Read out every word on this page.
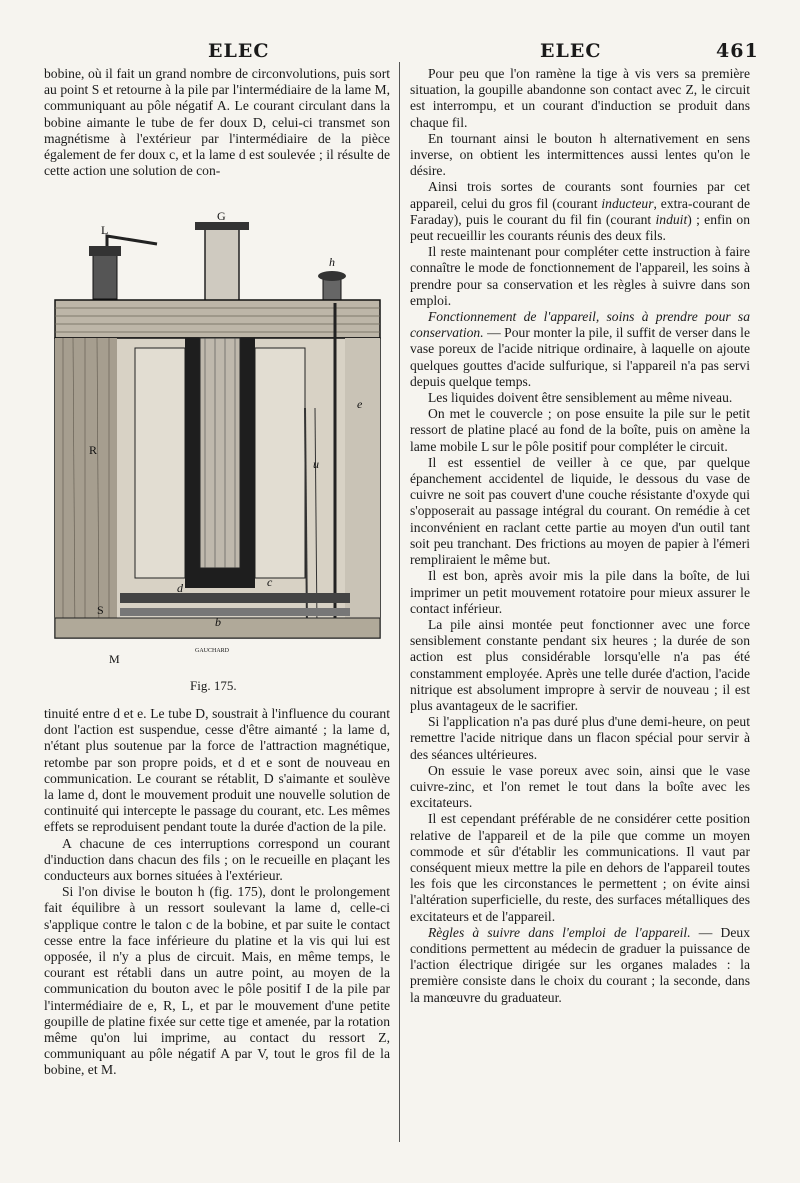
ELEC	ELEC	461

bobine, où il fait un grand nombre de circonvolutions, puis sort au point S et retourne à la pile par l'intermédiaire de la lame M, communiquant au pôle négatif A. Le courant circulant dans la bobine aimante le tube de fer doux D, celui-ci transmet son magnétisme à l'extérieur par l'intermédiaire de la pièce également de fer doux c, et la lame d est soulevée ; il résulte de cette action une solution de con-

G
L
h
R
u
S
M
e
d
b
c
GAUCHARD
Fig. 175.

tinuité entre d et e. Le tube D, soustrait à l'influence du courant dont l'action est suspendue, cesse d'être aimanté ; la lame d, n'étant plus soutenue par la force de l'attraction magnétique, retombe par son propre poids, et d et e sont de nouveau en communication. Le courant se rétablit, D s'aimante et soulève la lame d, dont le mouvement produit une nouvelle solution de continuité qui intercepte le passage du courant, etc. Les mêmes effets se reproduisent pendant toute la durée d'action de la pile.

A chacune de ces interruptions correspond un courant d'induction dans chacun des fils ; on le recueille en plaçant les conducteurs aux bornes situées à l'extérieur.

Si l'on divise le bouton h (fig. 175), dont le prolongement fait équilibre à un ressort soulevant la lame d, celle-ci s'applique contre le talon c de la bobine, et par suite le contact cesse entre la face inférieure du platine et la vis qui lui est opposée, il n'y a plus de circuit. Mais, en même temps, le courant est rétabli dans un autre point, au moyen de la communication du bouton avec le pôle positif I de la pile par l'intermédiaire de e, R, L, et par le mouvement d'une petite goupille de platine fixée sur cette tige et amenée, par la rotation même qu'on lui imprime, au contact du ressort Z, communiquant au pôle négatif A par V, tout le gros fil de la bobine, et M.

Pour peu que l'on ramène la tige à vis vers sa première situation, la goupille abandonne son contact avec Z, le circuit est interrompu, et un courant d'induction se produit dans chaque fil.

En tournant ainsi le bouton h alternativement en sens inverse, on obtient les intermittences aussi lentes qu'on le désire.

Ainsi trois sortes de courants sont fournies par cet appareil, celui du gros fil (courant inducteur, extra-courant de Faraday), puis le courant du fil fin (courant induit) ; enfin on peut recueillir les courants réunis des deux fils.

Il reste maintenant pour compléter cette instruction à faire connaître le mode de fonctionnement de l'appareil, les soins à prendre pour sa conservation et les règles à suivre dans son emploi.

Fonctionnement de l'appareil, soins à prendre pour sa conservation. — Pour monter la pile, il suffit de verser dans le vase poreux de l'acide nitrique ordinaire, à laquelle on ajoute quelques gouttes d'acide sulfurique, si l'appareil n'a pas servi depuis quelque temps.

Les liquides doivent être sensiblement au même niveau.

On met le couvercle ; on pose ensuite la pile sur le petit ressort de platine placé au fond de la boîte, puis on amène la lame mobile L sur le pôle positif pour compléter le circuit.

Il est essentiel de veiller à ce que, par quelque épanchement accidentel de liquide, le dessous du vase de cuivre ne soit pas couvert d'une couche résistante d'oxyde qui s'opposerait au passage intégral du courant. On remédie à cet inconvénient en raclant cette partie au moyen d'un outil tant soit peu tranchant. Des frictions au moyen de papier à l'émeri rempliraient le même but.

Il est bon, après avoir mis la pile dans la boîte, de lui imprimer un petit mouvement rotatoire pour mieux assurer le contact inférieur.

La pile ainsi montée peut fonctionner avec une force sensiblement constante pendant six heures ; la durée de son action est plus considérable lorsqu'elle n'a pas été constamment employée. Après une telle durée d'action, l'acide nitrique est absolument impropre à servir de nouveau ; il est plus avantageux de le sacrifier.

Si l'application n'a pas duré plus d'une demi-heure, on peut remettre l'acide nitrique dans un flacon spécial pour servir à des séances ultérieures.

On essuie le vase poreux avec soin, ainsi que le vase cuivre-zinc, et l'on remet le tout dans la boîte avec les excitateurs.

Il est cependant préférable de ne considérer cette position relative de l'appareil et de la pile que comme un moyen commode et sûr d'établir les communications. Il vaut par conséquent mieux mettre la pile en dehors de l'appareil toutes les fois que les circonstances le permettent ; on évite ainsi l'altération superficielle, du reste, des surfaces métalliques des excitateurs et de l'appareil.

Règles à suivre dans l'emploi de l'appareil. — Deux conditions permettent au médecin de graduer la puissance de l'action électrique dirigée sur les organes malades : la première consiste dans le choix du courant ; la seconde, dans la manœuvre du graduateur.
